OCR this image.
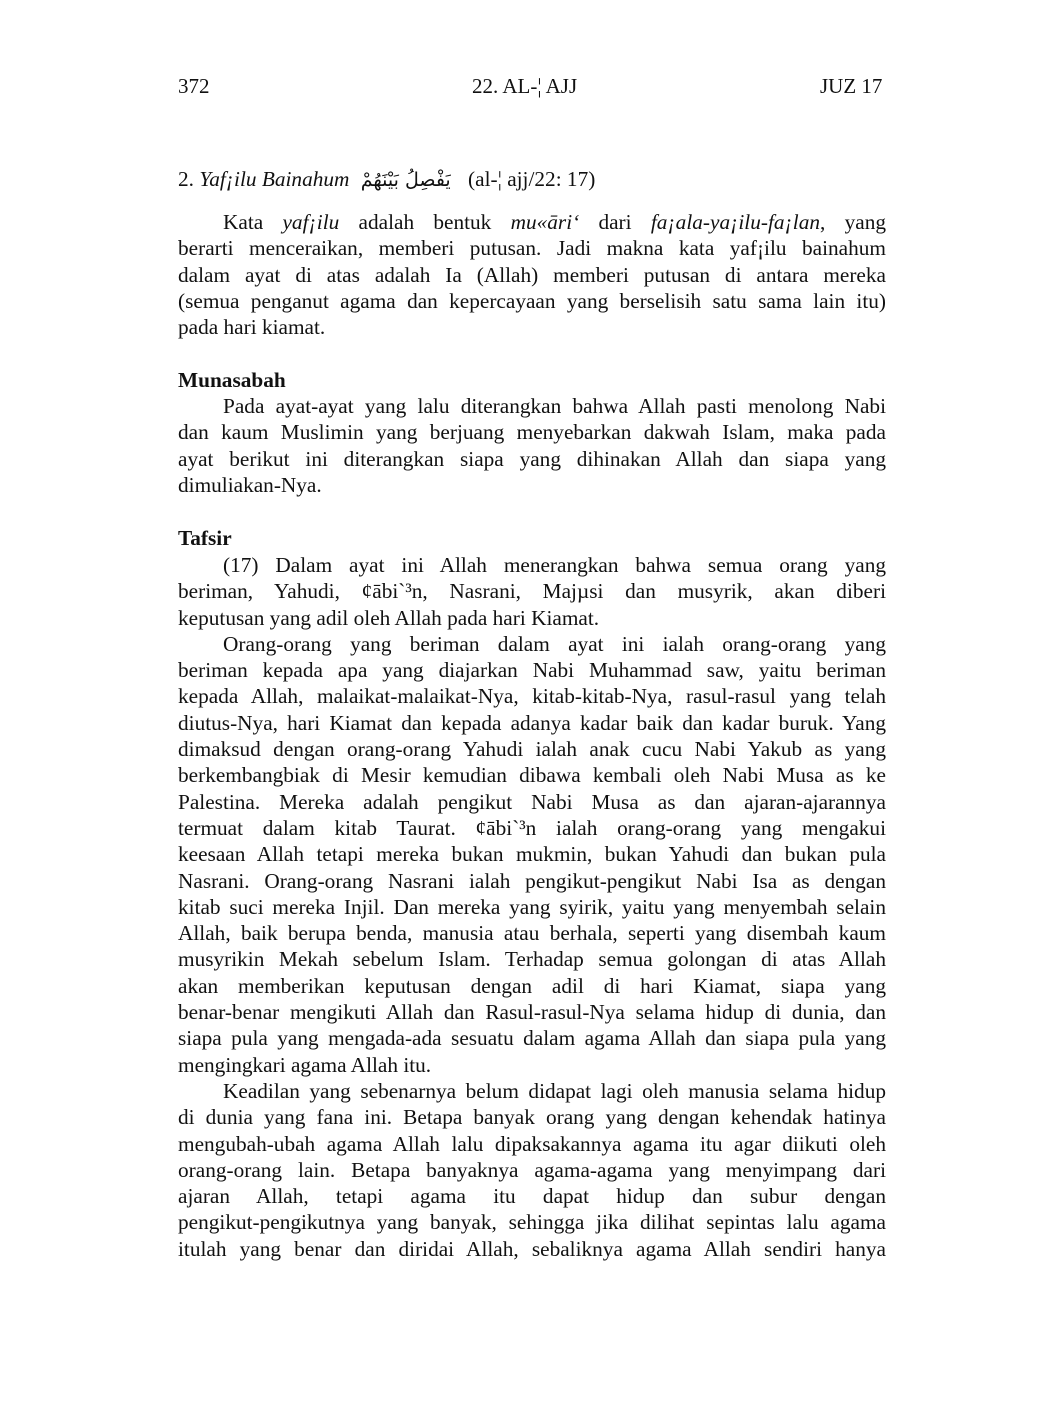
372	22. AL-¦ AJJ	JUZ 17
2. Yaf¡ilu Bainahum يَفْصِلُ بَيْنَهُمْ (al-¦ ajj/22: 17)
Kata yaf¡ilu adalah bentuk mu«āri‘ dari fa¡ala-ya¡ilu-fa¡lan, yang
berarti menceraikan, memberi putusan. Jadi makna kata yaf¡ilu bainahum
dalam ayat di atas adalah Ia (Allah) memberi putusan di antara mereka
(semua penganut agama dan kepercayaan yang berselisih satu sama lain itu)
pada hari kiamat.
Munasabah
Pada ayat-ayat yang lalu diterangkan bahwa Allah pasti menolong Nabi
dan kaum Muslimin yang berjuang menyebarkan dakwah Islam, maka pada
ayat berikut ini diterangkan siapa yang dihinakan Allah dan siapa yang
dimuliakan-Nya.
Tafsir
(17) Dalam ayat ini Allah menerangkan bahwa semua orang yang
beriman, Yahudi, ¢ābi`³n, Nasrani, Majµsi dan musyrik, akan diberi
keputusan yang adil oleh Allah pada hari Kiamat.
Orang-orang yang beriman dalam ayat ini ialah orang-orang yang
beriman kepada apa yang diajarkan Nabi Muhammad saw, yaitu beriman
kepada Allah, malaikat-malaikat-Nya, kitab-kitab-Nya, rasul-rasul yang telah
diutus-Nya, hari Kiamat dan kepada adanya kadar baik dan kadar buruk. Yang
dimaksud dengan orang-orang Yahudi ialah anak cucu Nabi Yakub as yang
berkembangbiak di Mesir kemudian dibawa kembali oleh Nabi Musa as ke
Palestina. Mereka adalah pengikut Nabi Musa as dan ajaran-ajarannya
termuat dalam kitab Taurat. ¢ābi`³n ialah orang-orang yang mengakui
keesaan Allah tetapi mereka bukan mukmin, bukan Yahudi dan bukan pula
Nasrani. Orang-orang Nasrani ialah pengikut-pengikut Nabi Isa as dengan
kitab suci mereka Injil. Dan mereka yang syirik, yaitu yang menyembah selain
Allah, baik berupa benda, manusia atau berhala, seperti yang disembah kaum
musyrikin Mekah sebelum Islam. Terhadap semua golongan di atas Allah
akan memberikan keputusan dengan adil di hari Kiamat, siapa yang
benar-benar mengikuti Allah dan Rasul-rasul-Nya selama hidup di dunia, dan
siapa pula yang mengada-ada sesuatu dalam agama Allah dan siapa pula yang
mengingkari agama Allah itu.
Keadilan yang sebenarnya belum didapat lagi oleh manusia selama hidup
di dunia yang fana ini. Betapa banyak orang yang dengan kehendak hatinya
mengubah-ubah agama Allah lalu dipaksakannya agama itu agar diikuti oleh
orang-orang lain. Betapa banyaknya agama-agama yang menyimpang dari
ajaran Allah, tetapi agama itu dapat hidup dan subur dengan
pengikut-pengikutnya yang banyak, sehingga jika dilihat sepintas lalu agama
itulah yang benar dan diridai Allah, sebaliknya agama Allah sendiri hanya
